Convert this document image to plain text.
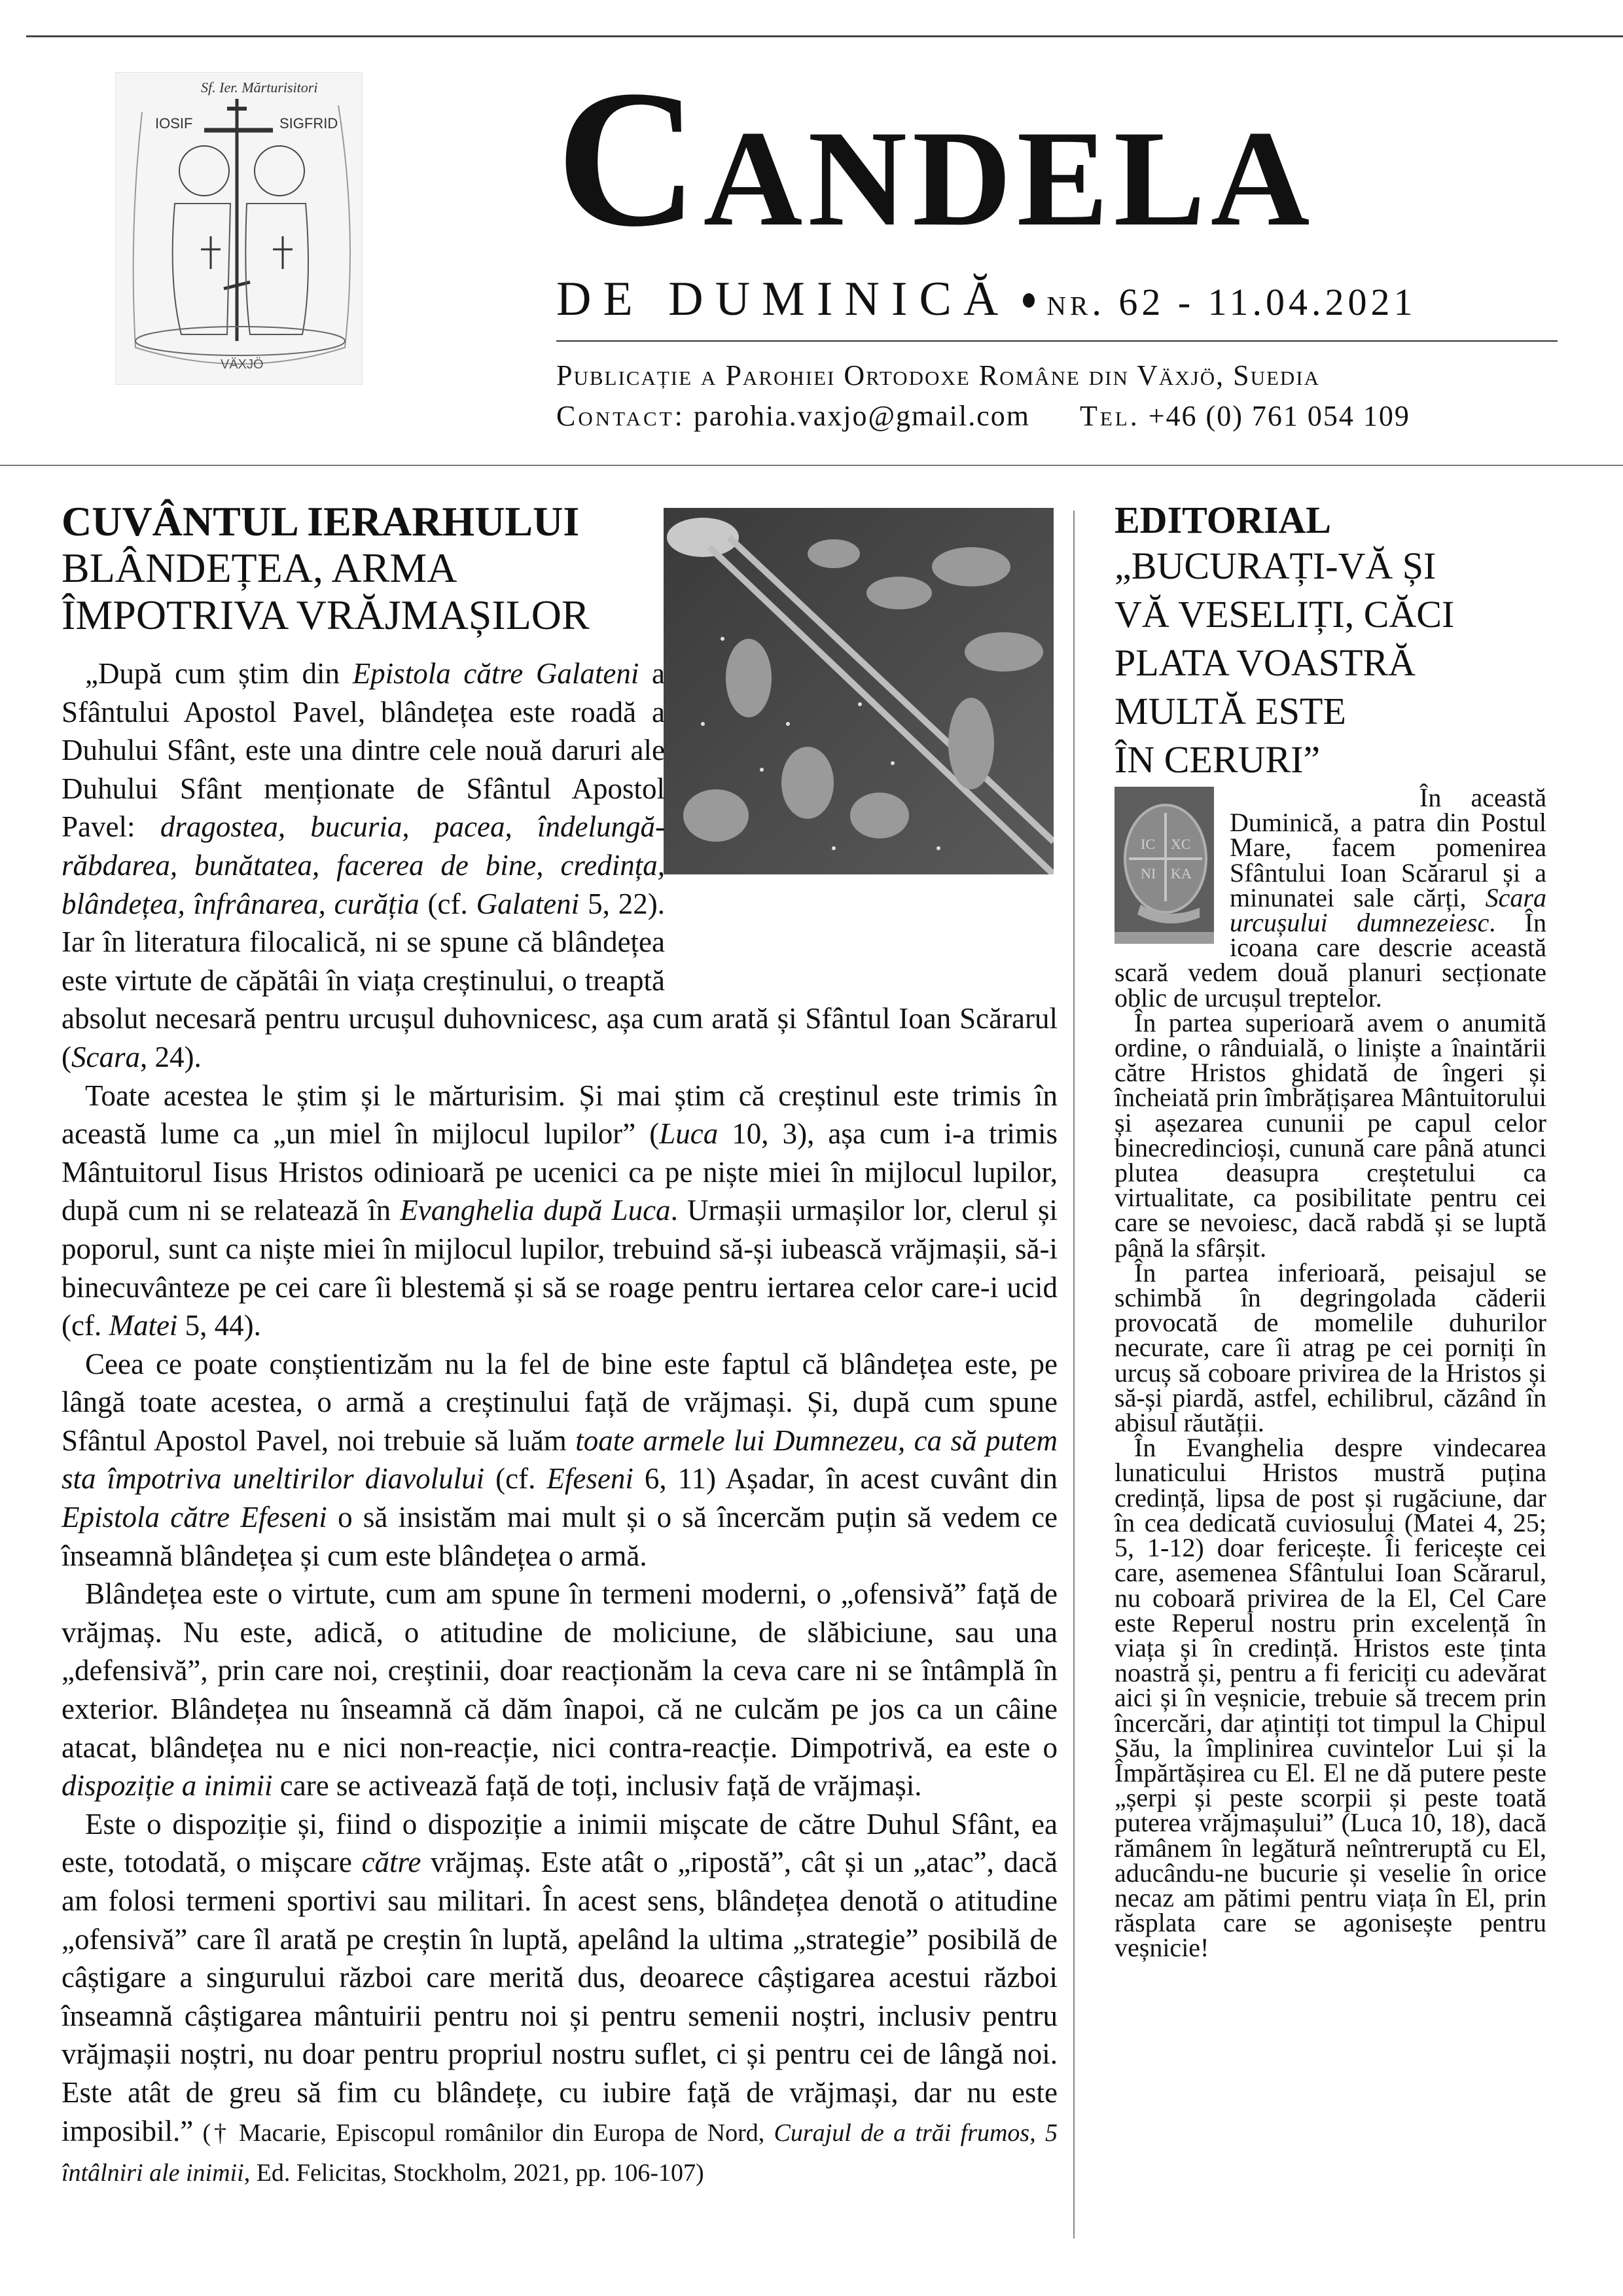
Sf. Ier. Mărturisitori
IOSIF	SIGFRID
VÄXJÖ
Candela
DE DUMINICĂ nr. 62 - 11.04.2021
Publicație a Parohiei Ortodoxe Române din Växjö, Suedia
Contact: parohia.vaxjo@gmail.com Tel. +46 (0) 761 054 109
CUVÂNTUL IERARHULUI
BLÂNDEȚEA, ARMA
ÎMPOTRIVA VRĂJMAȘILOR

„După cum știm din Epistola către Galateni a Sfântului Apostol Pavel, blândețea este roadă a Duhului Sfânt, este una dintre cele nouă daruri ale Duhului Sfânt menționate de Sfântul Apostol Pavel: dragostea, bucuria, pacea, îndelungă-răbdarea, bunătatea, facerea de bine, credința, blândețea, înfrânarea, curăția (cf. Galateni 5, 22). Iar în literatura filocalică, ni se spune că blândețea este virtute de căpătâi în viața creștinului, o treaptă absolut necesară pentru urcușul duhovnicesc, așa cum arată și Sfântul Ioan Scărarul (Scara, 24).

Toate acestea le știm și le mărturisim. Și mai știm că creștinul este trimis în această lume ca „un miel în mijlocul lupilor” (Luca 10, 3), așa cum i-a trimis Mântuitorul Iisus Hristos odinioară pe ucenici ca pe niște miei în mijlocul lupilor, după cum ni se relatează în Evanghelia după Luca. Urmașii urmașilor lor, clerul și poporul, sunt ca niște miei în mijlocul lupilor, trebuind să-și iubească vrăjmașii, să-i binecuvânteze pe cei care îi blestemă și să se roage pentru iertarea celor care-i ucid (cf. Matei 5, 44).

Ceea ce poate conștientizăm nu la fel de bine este faptul că blândețea este, pe lângă toate acestea, o armă a creștinului față de vrăjmași. Și, după cum spune Sfântul Apostol Pavel, noi trebuie să luăm toate armele lui Dumnezeu, ca să putem sta împotriva uneltirilor diavolului (cf. Efeseni 6, 11) Așadar, în acest cuvânt din Epistola către Efeseni o să insistăm mai mult și o să încercăm puțin să vedem ce înseamnă blândețea și cum este blândețea o armă.

Blândețea este o virtute, cum am spune în termeni moderni, o „ofensivă” față de vrăjmaș. Nu este, adică, o atitudine de moliciune, de slăbiciune, sau una „defensivă”, prin care noi, creștinii, doar reacționăm la ceva care ni se întâmplă în exterior. Blândețea nu înseamnă că dăm înapoi, că ne culcăm pe jos ca un câine atacat, blândețea nu e nici non-reacție, nici contra-reacție. Dimpotrivă, ea este o dispoziție a inimii care se activează față de toți, inclusiv față de vrăjmași.

Este o dispoziție și, fiind o dispoziție a inimii mișcate de către Duhul Sfânt, ea este, totodată, o mișcare către vrăjmaș. Este atât o „ripostă”, cât și un „atac”, dacă am folosi termeni sportivi sau militari. În acest sens, blândețea denotă o atitudine „ofensivă” care îl arată pe creștin în luptă, apelând la ultima „strategie” posibilă de câștigare a singurului război care merită dus, deoarece câștigarea acestui război înseamnă câștigarea mântuirii pentru noi și pentru semenii noștri, inclusiv pentru vrăjmașii noștri, nu doar pentru propriul nostru suflet, ci și pentru cei de lângă noi. Este atât de greu să fim cu blândețe, cu iubire față de vrăjmași, dar nu este imposibil.” († Macarie, Episcopul românilor din Europa de Nord, Curajul de a trăi frumos, 5 întâlniri ale inimii, Ed. Felicitas, Stockholm, 2021, pp. 106-107)

EDITORIAL
„BUCURAȚI-VĂ ȘI
VĂ VESELIȚI, CĂCI
PLATA VOASTRĂ
MULTĂ ESTE
ÎN CERURI”
IC XC
NI KA

În această Duminică, a patra din Postul Mare, facem pomenirea Sfântului Ioan Scărarul și a minunatei sale cărți, Scara urcușului dumnezeiesc. În icoana care descrie această scară vedem două planuri secționate oblic de urcușul treptelor.

În partea superioară avem o anumită ordine, o rânduială, o liniște a înaintării către Hristos ghidată de îngeri și încheiată prin îmbrățișarea Mântuitorului și așezarea cununii pe capul celor binecredincioși, cunună care până atunci plutea deasupra creștetului ca virtualitate, ca posibilitate pentru cei care se nevoiesc, dacă rabdă și se luptă până la sfârșit.

În partea inferioară, peisajul se schimbă în degringolada căderii provocată de momelile duhurilor necurate, care îi atrag pe cei porniți în urcuș să coboare privirea de la Hristos și să-și piardă, astfel, echilibrul, căzând în abisul răutății.

În Evanghelia despre vindecarea lunaticului Hristos mustră puțina credință, lipsa de post și rugăciune, dar în cea dedicată cuviosului (Matei 4, 25; 5, 1-12) doar fericește. Îi fericește cei care, asemenea Sfântului Ioan Scărarul, nu coboară privirea de la El, Cel Care este Reperul nostru prin excelență în viața și în credință. Hristos este ținta noastră și, pentru a fi fericiți cu adevărat aici și în veșnicie, trebuie să trecem prin încercări, dar ațintiți tot timpul la Chipul Său, la împlinirea cuvintelor Lui și la Împărtășirea cu El. El ne dă putere peste „șerpi și peste scorpii și peste toată puterea vrăjmașului” (Luca 10, 18), dacă rămânem în legătură neîntreruptă cu El, aducându-ne bucurie și veselie în orice necaz am pătimi pentru viața în El, prin răsplata care se agonisește pentru veșnicie!
